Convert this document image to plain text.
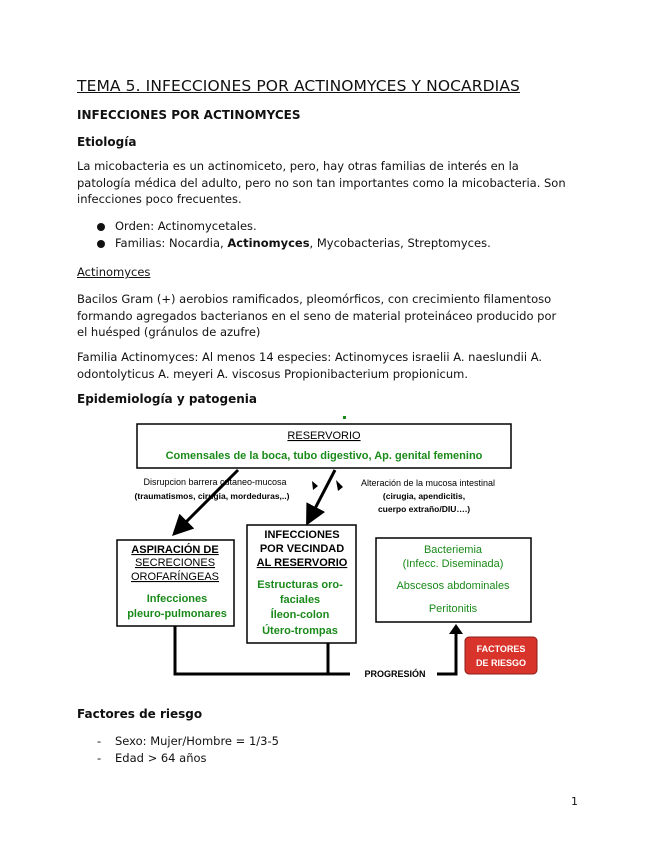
TEMA 5. INFECCIONES POR ACTINOMYCES Y NOCARDIAS
INFECCIONES POR ACTINOMYCES
Etiología
La micobacteria es un actinomiceto, pero, hay otras familias de interés en la
patología médica del adulto, pero no son tan importantes como la micobacteria. Son
infecciones poco frecuentes.
Orden: Actinomycetales.
Familias: Nocardia, Actinomyces, Mycobacterias, Streptomyces.
Actinomyces
Bacilos Gram (+) aerobios ramificados, pleomórficos, con crecimiento filamentoso
formando agregados bacterianos en el seno de material proteináceo producido por
el huésped (gránulos de azufre)
Familia Actinomyces: Al menos 14 especies: Actinomyces israelii A. naeslundii A.
odontolyticus A. meyeri A. viscosus Propionibacterium propionicum.
Epidemiología y patogenia
RESERVORIO
Comensales de la boca, tubo digestivo, Ap. genital femenino
Disrupcion barrera cutaneo-mucosa
(traumatismos, cirugia, mordeduras,..)
Alteración de la mucosa intestinal
(cirugia, apendicitis,
cuerpo extraño/DIU….)
ASPIRACIÓN DE
SECRECIONES
OROFARÍNGEAS
Infecciones
pleuro-pulmonares
INFECCIONES
POR VECINDAD
AL RESERVORIO
Estructuras oro-
faciales
Íleon-colon
Útero-trompas
Bacteriemia
(Infecc. Diseminada)
Abscesos abdominales
Peritonitis
PROGRESIÓN
FACTORES
DE RIESGO
Factores de riesgo
-	Sexo: Mujer/Hombre = 1/3-5
-	Edad > 64 años
1
